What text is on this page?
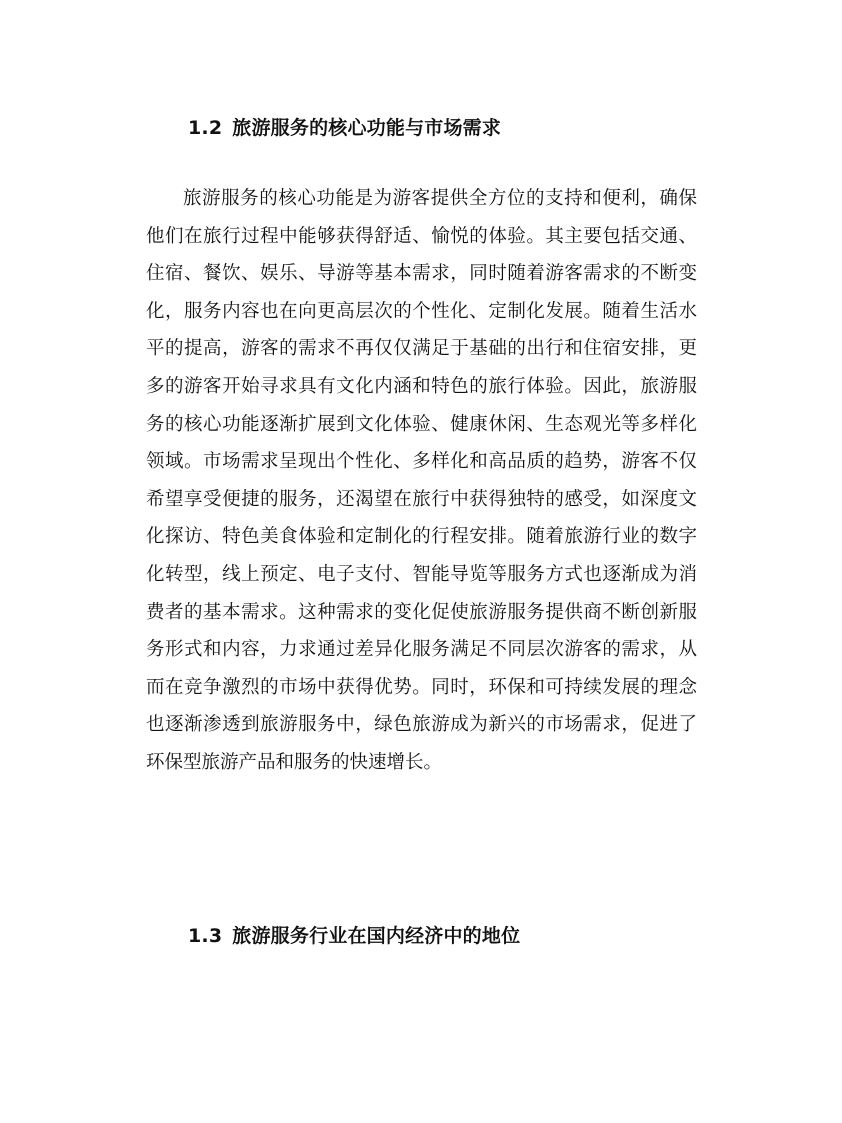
1.2 旅游服务的核心功能与市场需求

旅游服务的核心功能是为游客提供全方位的支持和便利，确保他们在旅行过程中能够获得舒适、愉悦的体验。其主要包括交通、住宿、餐饮、娱乐、导游等基本需求，同时随着游客需求的不断变化，服务内容也在向更高层次的个性化、定制化发展。随着生活水平的提高，游客的需求不再仅仅满足于基础的出行和住宿安排，更多的游客开始寻求具有文化内涵和特色的旅行体验。因此，旅游服务的核心功能逐渐扩展到文化体验、健康休闲、生态观光等多样化领域。市场需求呈现出个性化、多样化和高品质的趋势，游客不仅希望享受便捷的服务，还渴望在旅行中获得独特的感受，如深度文化探访、特色美食体验和定制化的行程安排。随着旅游行业的数字化转型，线上预定、电子支付、智能导览等服务方式也逐渐成为消费者的基本需求。这种需求的变化促使旅游服务提供商不断创新服务形式和内容，力求通过差异化服务满足不同层次游客的需求，从而在竞争激烈的市场中获得优势。同时，环保和可持续发展的理念也逐渐渗透到旅游服务中，绿色旅游成为新兴的市场需求，促进了环保型旅游产品和服务的快速增长。

1.3 旅游服务行业在国内经济中的地位
